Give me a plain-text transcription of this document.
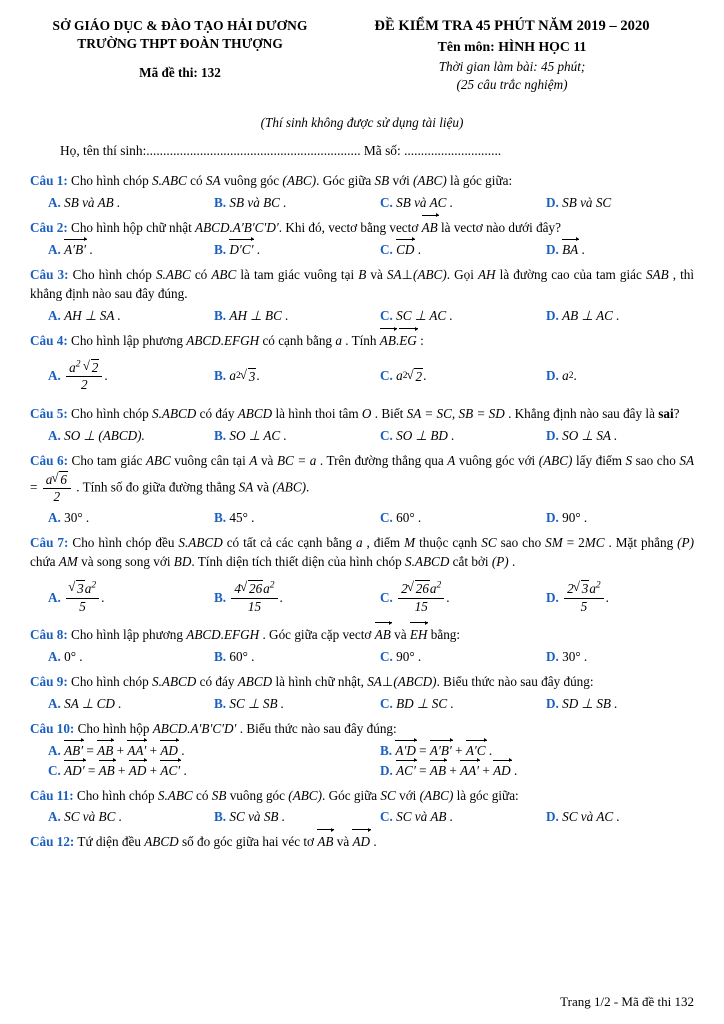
SỞ GIÁO DỤC & ĐÀO TẠO HẢI DƯƠNG
TRƯỜNG THPT ĐOÀN THƯỢNG
Mã đề thi: 132
ĐỀ KIỂM TRA 45 PHÚT NĂM 2019 – 2020
Tên môn: HÌNH HỌC 11
Thời gian làm bài: 45 phút;
(25 câu trắc nghiệm)
(Thí sinh không được sử dụng tài liệu)
Họ, tên thí sinh:................................................................ Mã số: .............................
Câu 1: Cho hình chóp S.ABC có SA vuông góc (ABC). Góc giữa SB với (ABC) là góc giữa:
A. SB và AB .	B. SB và BC .	C. SB và AC .	D. SB và SC
Câu 2: Cho hình hộp chữ nhật ABCD.A′B′C′D′. Khi đó, vectơ bằng vectơ AB là vectơ nào dưới đây?
A. A′B′ .	B. D′C′ .	C. CD .	D. BA .
Câu 3: Cho hình chóp S.ABC có ABC là tam giác vuông tại B và SA⊥(ABC). Gọi AH là đường cao của tam giác SAB , thì khẳng định nào sau đây đúng.
A. AH ⊥ SA .	B. AH ⊥ BC .	C. SC ⊥ AC .	D. AB ⊥ AC .
Câu 4: Cho hình lập phương ABCD.EFGH có cạnh bằng a . Tính AB.EG :
A.
$\frac{a^2 √ 2}{2}$ .	B.
a 2 √ 3 .	C.
a 2 √ 2 .	D.
a 2 .
Câu 5: Cho hình chóp S.ABCD có đáy ABCD là hình thoi tâm O . Biết SA = SC, SB = SD . Khẳng định nào sau đây là sai?
A. SO ⊥ (ABCD).	B. SO ⊥ AC .	C. SO ⊥ BD .	D. SO ⊥ SA .
Câu 6: Cho tam giác ABC vuông cân tại A và BC = a . Trên đường thẳng qua A vuông góc với (ABC) lấy điểm S sao cho SA = $\frac{a √ 6}{2}$ . Tính số đo giữa đường thẳng SA và (ABC).
A. 30° .	B. 45° .	C. 60° .	D. 90° .
Câu 7: Cho hình chóp đều S.ABCD có tất cả các cạnh bằng a , điểm M thuộc cạnh SC sao cho SM = 2MC . Mặt phẳng (P) chứa AM và song song với BD. Tính diện tích thiết diện của hình chóp S.ABCD cắt bởi (P) .
A.
√ $\frac{3a^2}{5}$ .	B.
$\frac{4 √ 26a^2}{15}$ .	C.
$\frac{2 √ 26a^2}{15}$ .	D.
$\frac{2 √ 3a^2}{5}$ .
Câu 8: Cho hình lập phương ABCD.EFGH . Góc giữa cặp vectơ AB và EH bằng:
A. 0° .	B. 60° .	C. 90° .	D. 30° .
Câu 9: Cho hình chóp S.ABCD có đáy ABCD là hình chữ nhật, SA⊥(ABCD). Biểu thức nào sau đây đúng:
A. SA ⊥ CD .	B. SC ⊥ SB .	C. BD ⊥ SC .	D. SD ⊥ SB .
Câu 10: Cho hình hộp ABCD.A′B′C′D′ . Biểu thức nào sau đây đúng:
A. AB′ = AB + AA′ + AD .	B. A′D = A′B′ + A′C .
C. AD′ = AB + AD + AC′ .	D. AC′ = AB + AA′ + AD .
Câu 11: Cho hình chóp S.ABC có SB vuông góc (ABC). Góc giữa SC với (ABC) là góc giữa:
A. SC và BC .	B. SC và SB .	C. SC và AB .	D. SC và AC .
Câu 12: Tứ diện đều ABCD số đo góc giữa hai véc tơ AB và AD .
Trang 1/2 - Mã đề thi 132
